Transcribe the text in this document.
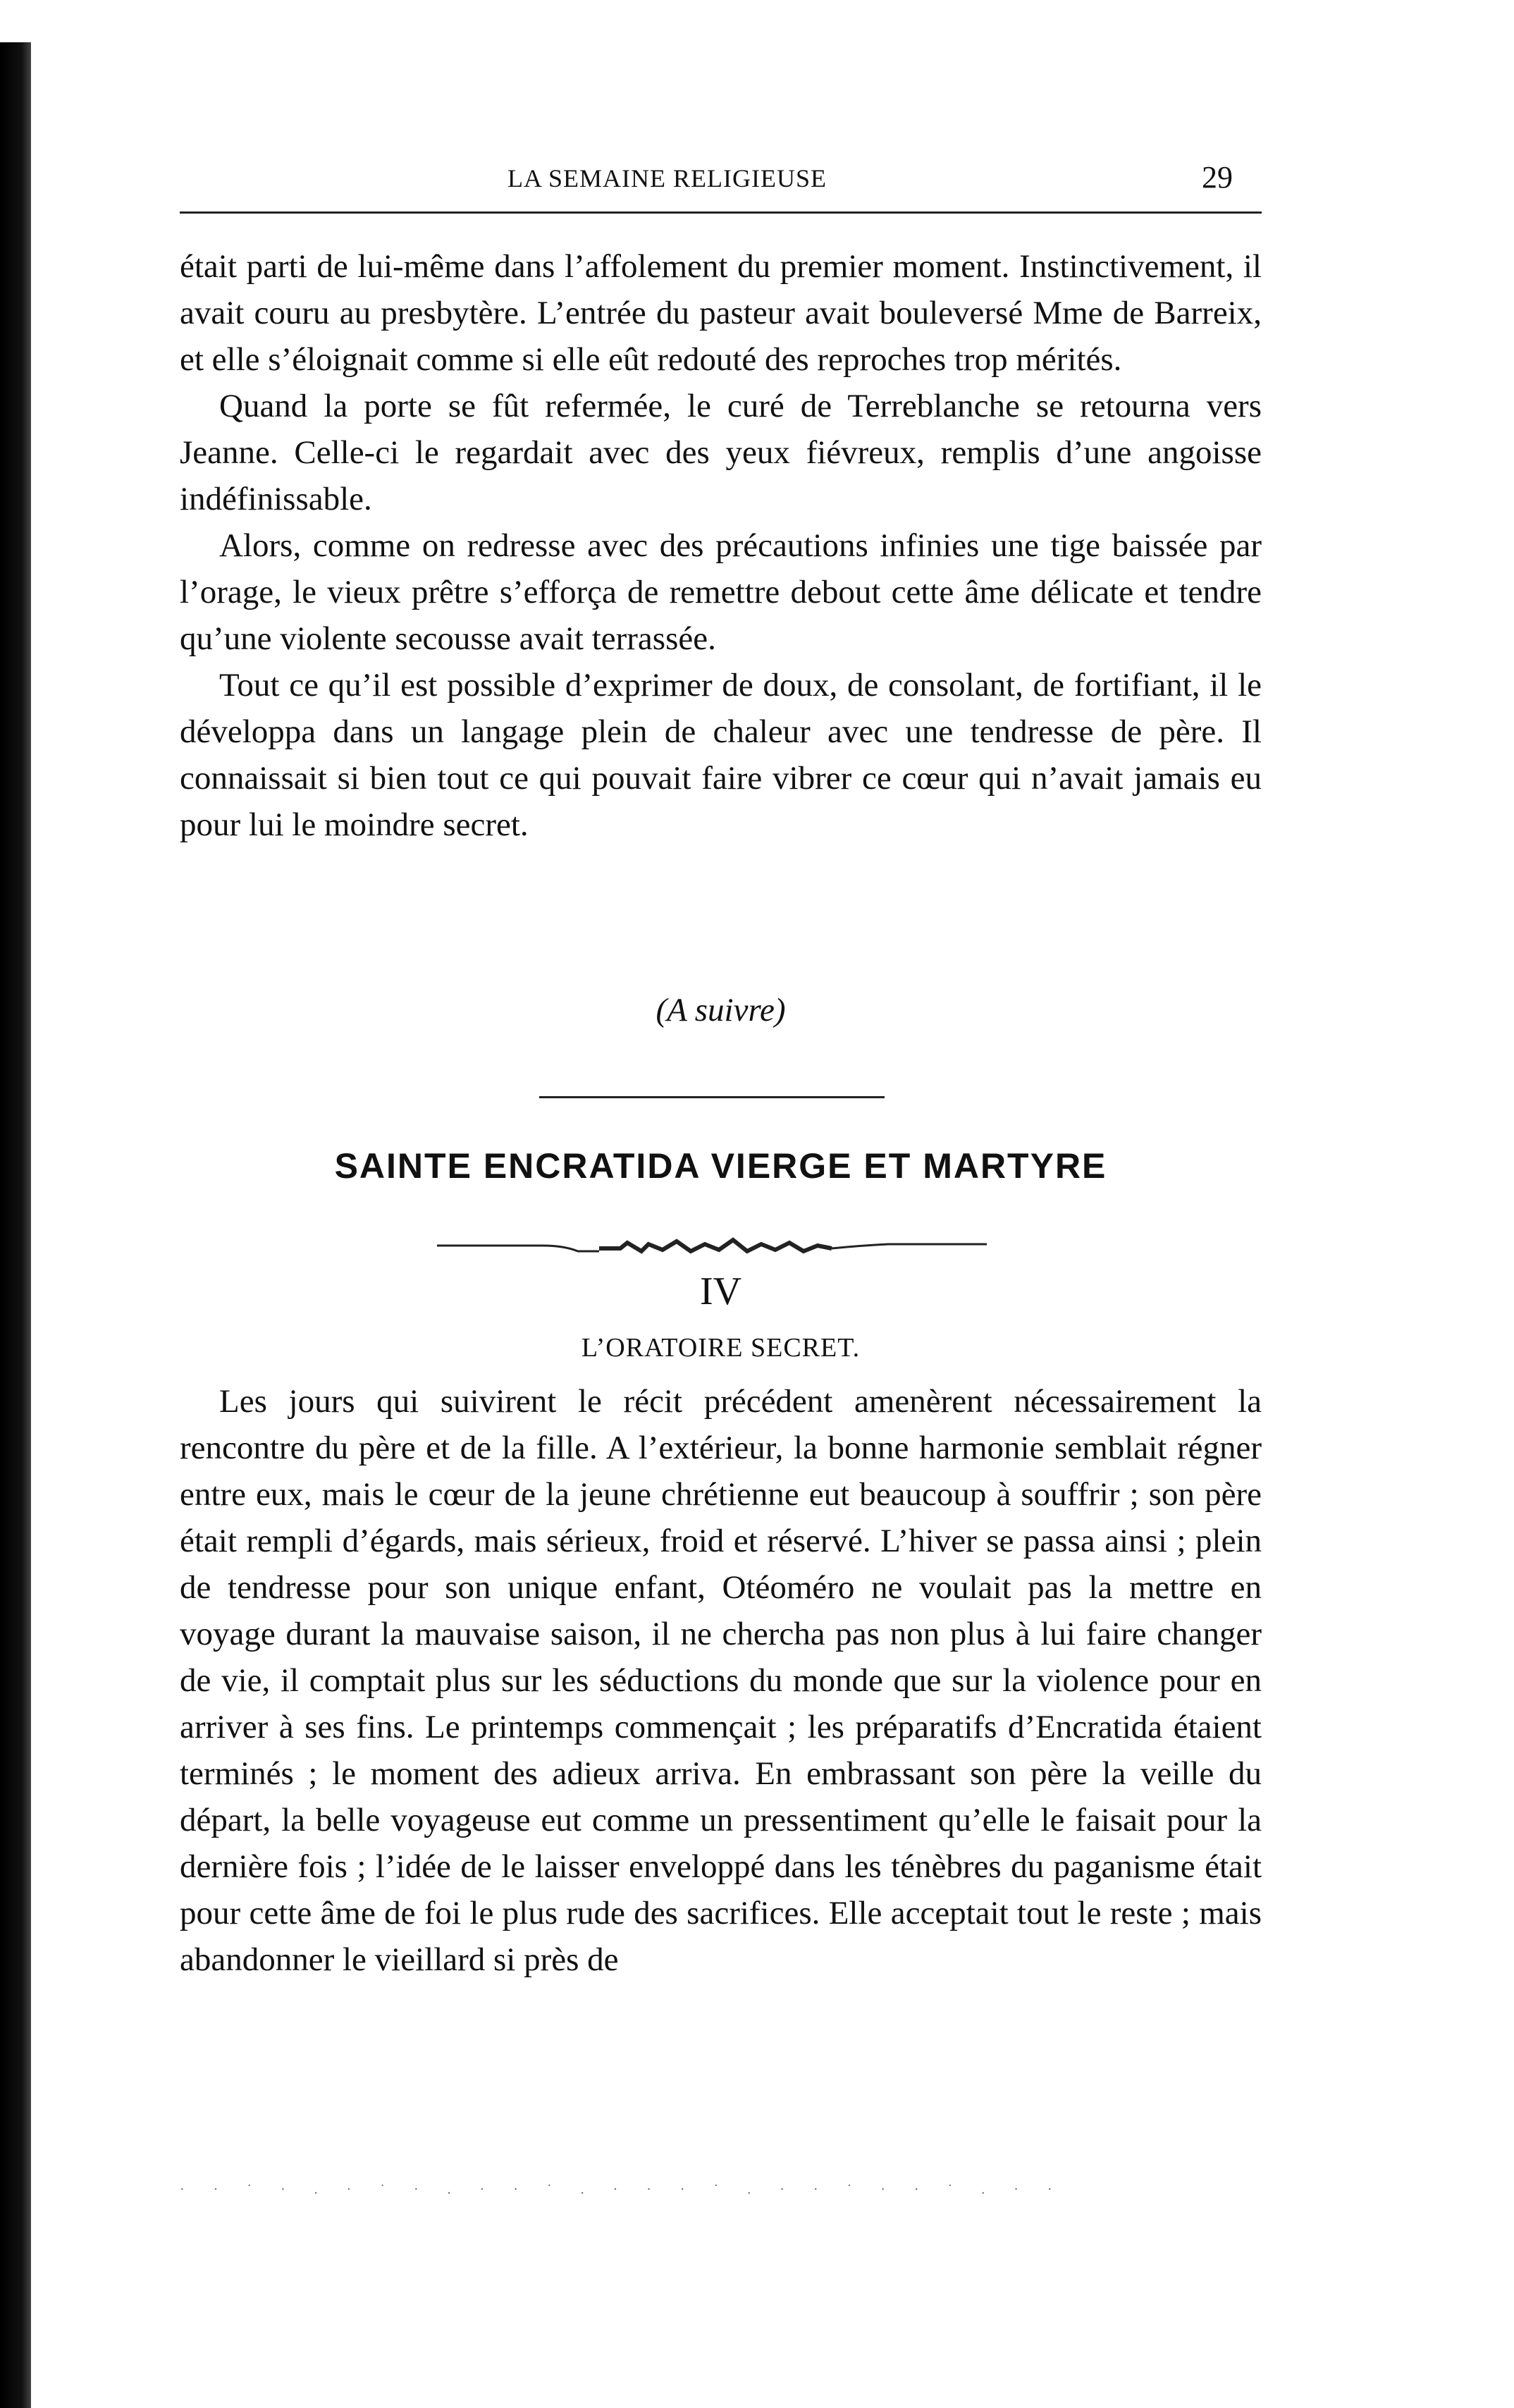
LA SEMAINE RELIGIEUSE	29

était parti de lui-même dans l’affolement du premier moment. Instinctivement, il avait couru au presbytère. L’entrée du pasteur avait bouleversé Mme de Barreix, et elle s’éloignait comme si elle eût redouté des reproches trop mérités.

Quand la porte se fût refermée, le curé de Terreblanche se retourna vers Jeanne. Celle-ci le regardait avec des yeux fiévreux, remplis d’une angoisse indéfinissable.

Alors, comme on redresse avec des précautions infinies une tige baissée par l’orage, le vieux prêtre s’efforça de remettre debout cette âme délicate et tendre qu’une violente secousse avait terrassée.

Tout ce qu’il est possible d’exprimer de doux, de consolant, de fortifiant, il le développa dans un langage plein de chaleur avec une tendresse de père. Il connaissait si bien tout ce qui pouvait faire vibrer ce cœur qui n’avait jamais eu pour lui le moindre secret.

(A suivre)
SAINTE ENCRATIDA VIERGE ET MARTYRE
IV
L’ORATOIRE SECRET.

Les jours qui suivirent le récit précédent amenèrent nécessairement la rencontre du père et de la fille. A l’extérieur, la bonne harmonie semblait régner entre eux, mais le cœur de la jeune chrétienne eut beaucoup à souffrir ; son père était rempli d’égards, mais sérieux, froid et réservé. L’hiver se passa ainsi ; plein de tendresse pour son unique enfant, Otéoméro ne voulait pas la mettre en voyage durant la mauvaise saison, il ne chercha pas non plus à lui faire changer de vie, il comptait plus sur les séductions du monde que sur la violence pour en arriver à ses fins. Le printemps commençait ; les préparatifs d’Encratida étaient terminés ; le moment des adieux arriva. En embrassant son père la veille du départ, la belle voyageuse eut comme un pressentiment qu’elle le faisait pour la dernière fois ; l’idée de le laisser enveloppé dans les ténèbres du paganisme était pour cette âme de foi le plus rude des sacrifices. Elle acceptait tout le reste ; mais abandonner le vieillard si près de

· · ˙ · . · ˙ · . · · ˙ . · · · ˙ . · · ˙ · · ˙ . · ·
